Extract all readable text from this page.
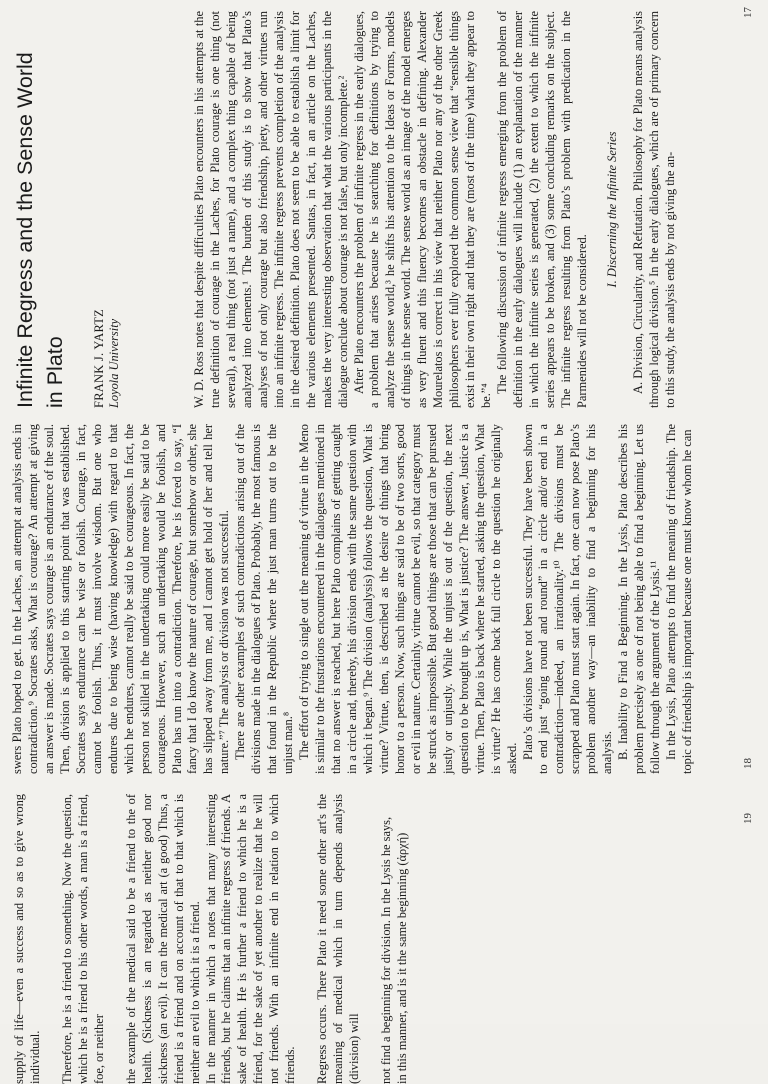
supply of life—even a success and so as to give wrong individual. Therefore, he is a friend to something. Now the question, which he is a friend to his other words, a man is a friend, foe, or neither the example of the medical said to be a friend to the of health. (Sickness is an regarded as neither good nor sickness (an evil). It can the medical art (a good) Thus, a friend is a friend and on account of that to that which is neither an evil to which it is a friend. In the manner in which a notes that many interesting friends, but he claims that an infinite regress of friends. A sake of health. He is further a friend to which he is a friend, for the sake of yet another to realize that he will not friends. With an infinite end in relation to which friends. Regress occurs. There Plato it need some other art's the meaning of medical which in turn depends analysis (division) will not find a beginning for division. In the Lysis he says, in this manner, and is it the same beginning (ἀρχή)

19

swers Plato hoped to get. In the Laches, an attempt at analysis ends in contradiction.⁹ Socrates asks, What is courage? An attempt at giving an answer is made. Socrates says courage is an endurance of the soul. Then, division is applied to this starting point that was established. Socrates says endurance can be wise or foolish. Courage, in fact, cannot be foolish. Thus, it must involve wisdom. But one who endures due to being wise (having knowledge) with regard to that which he endures, cannot really be said to be courageous. In fact, the person not skilled in the undertaking could more easily be said to be courageous. However, such an undertaking would be foolish, and Plato has run into a contradiction. Therefore, he is forced to say, “I fancy that I do know the nature of courage, but somehow or other, she has slipped away from me, and I cannot get hold of her and tell her nature.”⁷ The analysis or division was not successful. There are other examples of such contradictions arising out of the divisions made in the dialogues of Plato. Probably, the most famous is that found in the Republic where the just man turns out to be the unjust man.⁸ The effort of trying to single out the meaning of virtue in the Meno is similar to the frustrations encountered in the dialogues mentioned in that no answer is reached, but here Plato complains of getting caught in a circle and, thereby, his division ends with the same question with which it began.⁹ The division (analysis) follows the question, What is virtue? Virtue, then, is described as the desire of things that bring honor to a person. Now, such things are said to be of two sorts, good or evil in nature. Certainly, virtue cannot be evil, so that category must be struck as impossible. But good things are those that can be pursued justly or unjustly. While the unjust is out of the question, the next question to be brought up is, What is justice? The answer, Justice is a virtue. Then, Plato is back where he started, asking the question, What is virtue? He has come back full circle to the question he originally asked. Plato’s divisions have not been successful. They have been shown to end just “going round and round” in a circle and/or end in a contradiction—indeed, an irrationality.¹⁰ The divisions must be scrapped and Plato must start again. In fact, one can now pose Plato’s problem another way—an inability to find a beginning for his analysis. B. Inability to Find a Beginning. In the Lysis, Plato describes his problem precisely as one of not being able to find a beginning. Let us follow through the argument of the Lysis.¹¹ In the Lysis, Plato attempts to find the meaning of friendship. The topic of friendship is important because one must know whom he can	18
Infinite Regress and the Sense World in Plato FRANK J. YARTZ Loyola University	W. D. Ross notes that despite difficulties Plato encounters in his attempts at the true definition of courage in the Laches, for Plato courage is one thing (not several), a real thing (not just a name), and a complex thing capable of being analyzed into elements.¹ The burden of this study is to show that Plato’s analyses of not only courage but also friendship, piety, and other virtues run into an infinite regress. The infinite regress prevents completion of the analysis in the desired definition. Plato does not seem to be able to establish a limit for the various elements presented. Santas, in fact, in an article on the Laches, makes the very interesting observation that what the various participants in the dialogue conclude about courage is not false, but only incomplete.² After Plato encounters the problem of infinite regress in the early dialogues, a problem that arises because he is searching for definitions by trying to analyze the sense world,³ he shifts his attention to the Ideas or Forms, models of things in the sense world. The sense world as an image of the model emerges as very fluent and this fluency becomes an obstacle in defining. Alexander Mourelatos is correct in his view that neither Plato nor any of the other Greek philosophers ever fully explored the common sense view that “sensible things exist in their own right and that they are (most of the time) what they appear to be.”⁴

The following discussion of infinite regress emerging from the problem of definition in the early dialogues will include (1) an explanation of the manner in which the infinite series is generated, (2) the extent to which the infinite series appears to be broken, and (3) some concluding remarks on the subject. The infinite regress resulting from Plato’s problem with predication in the Parmenides will not be considered.

I. Discerning the Infinite Series A. Division, Circularity, and Refutation. Philosophy for Plato means analysis through logical division.⁵ In the early dialogues, which are of primary concern to this study, the analysis ends by not giving the an-

17
